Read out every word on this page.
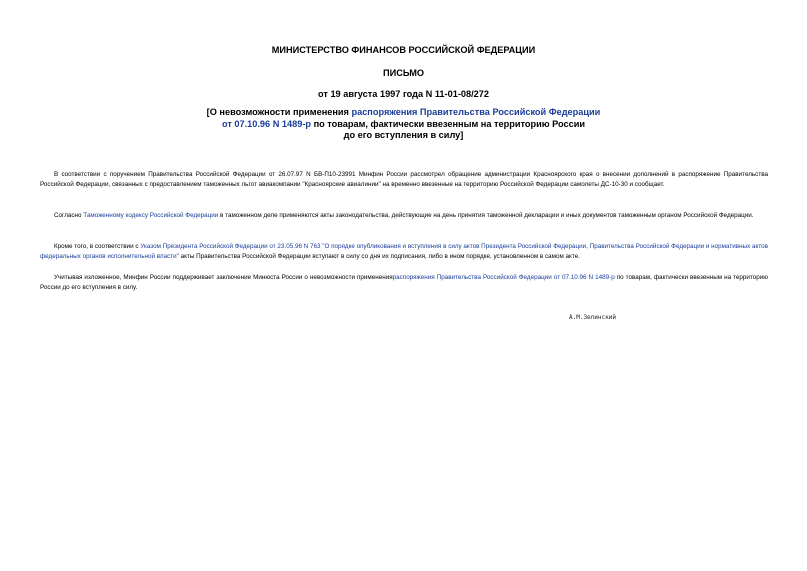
МИНИСТЕРСТВО ФИНАНСОВ РОССИЙСКОЙ ФЕДЕРАЦИИ
ПИСЬМО
от 19 августа 1997 года N 11-01-08/272
[О невозможности применения распоряжения Правительства Российской Федерации
от 07.10.96 N 1489-р по товарам, фактически ввезенным на территорию России
до его вступления в силу]

В соответствии с поручением Правительства Российской Федерации от 26.07.97 N БВ-П10-23991 Минфин России рассмотрел обращение администрации Красноярского края о внесении дополнений в распоряжение Правительства Российской Федерации, связанных с предоставлением таможенных льгот авиакомпании "Красноярские авиалинии" на временно ввезенные на территорию Российской Федерации самолеты ДС-10-30 и сообщает.

Согласно Таможенному кодексу Российской Федерации в таможенном деле применяются акты законодательства, действующие на день принятия таможенной декларации и иных документов таможенным органом Российской Федерации.

Кроме того, в соответствии с Указом Президента Российской Федерации от 23.05.96 N 763 "О порядке опубликования и вступления в силу актов Президента Российской Федерации, Правительства Российской Федерации и нормативных актов федеральных органов исполнительной власти" акты Правительства Российской Федерации вступают в силу со дня их подписания, либо в ином порядке, установленном в самом акте.

Учитывая изложенное, Минфин России поддерживает заключение Минюста России о невозможности примененияраспоряжения Правительства Российской Федерации от 07.10.96 N 1489-р по товарам, фактически ввезенным на территорию России до его вступления в силу.

А.М.Зелинский
